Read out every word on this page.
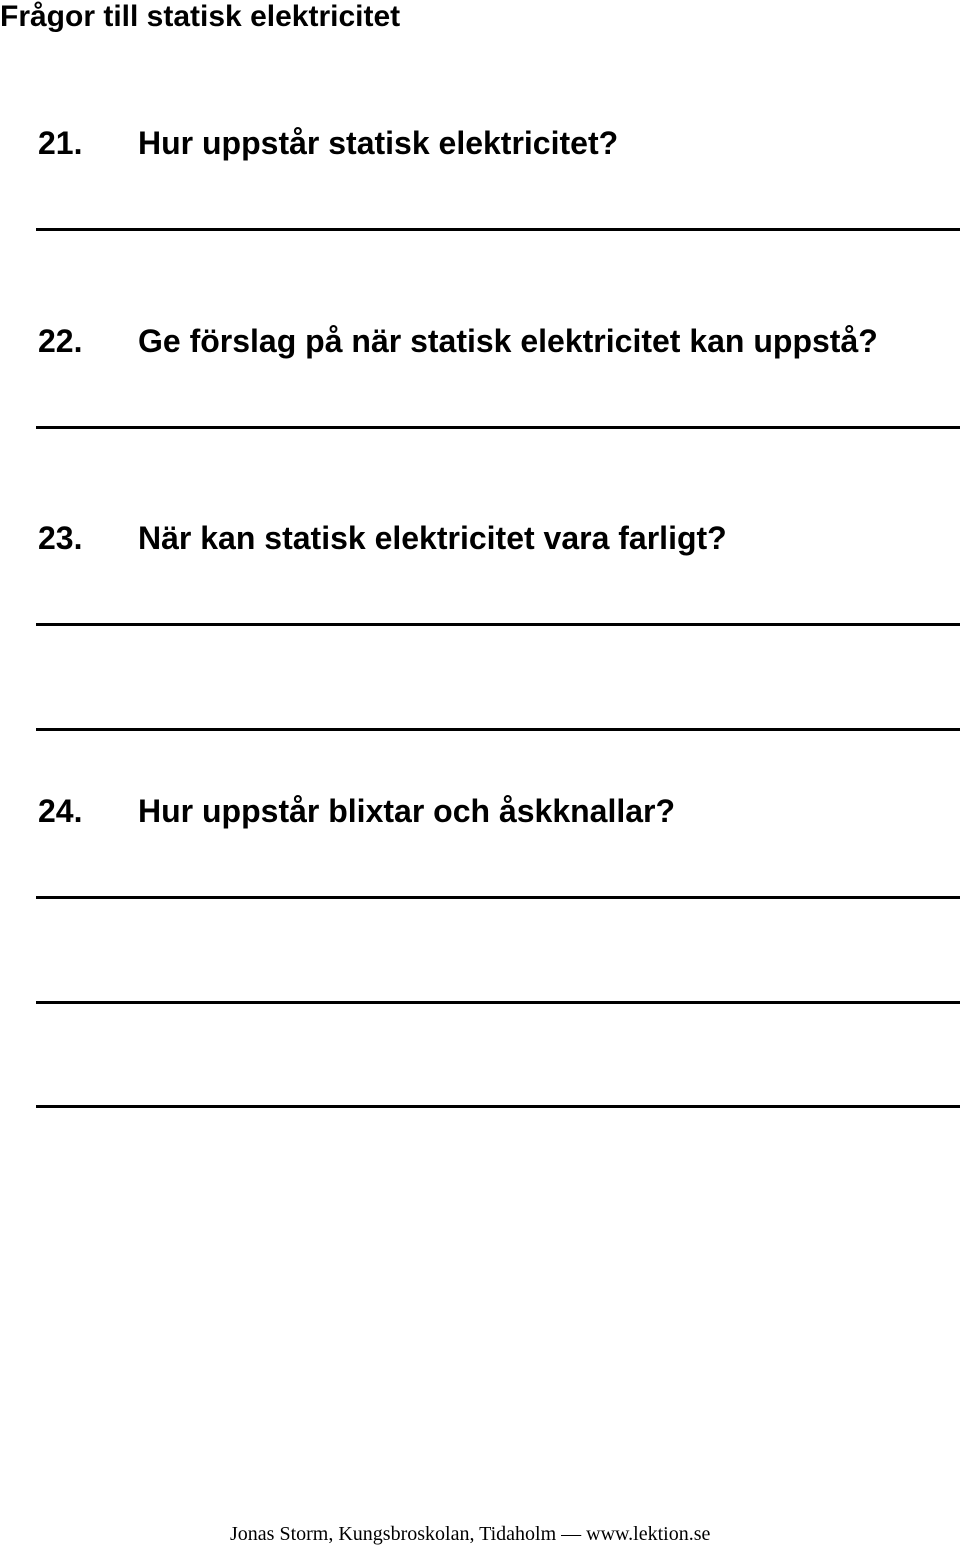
Frågor till statisk elektricitet
21. Hur uppstår statisk elektricitet?
22. Ge förslag på när statisk elektricitet kan uppstå?
23. När kan statisk elektricitet vara farligt?
24. Hur uppstår blixtar och åskknallar?
Jonas Storm, Kungsbroskolan, Tidaholm — www.lektion.se
